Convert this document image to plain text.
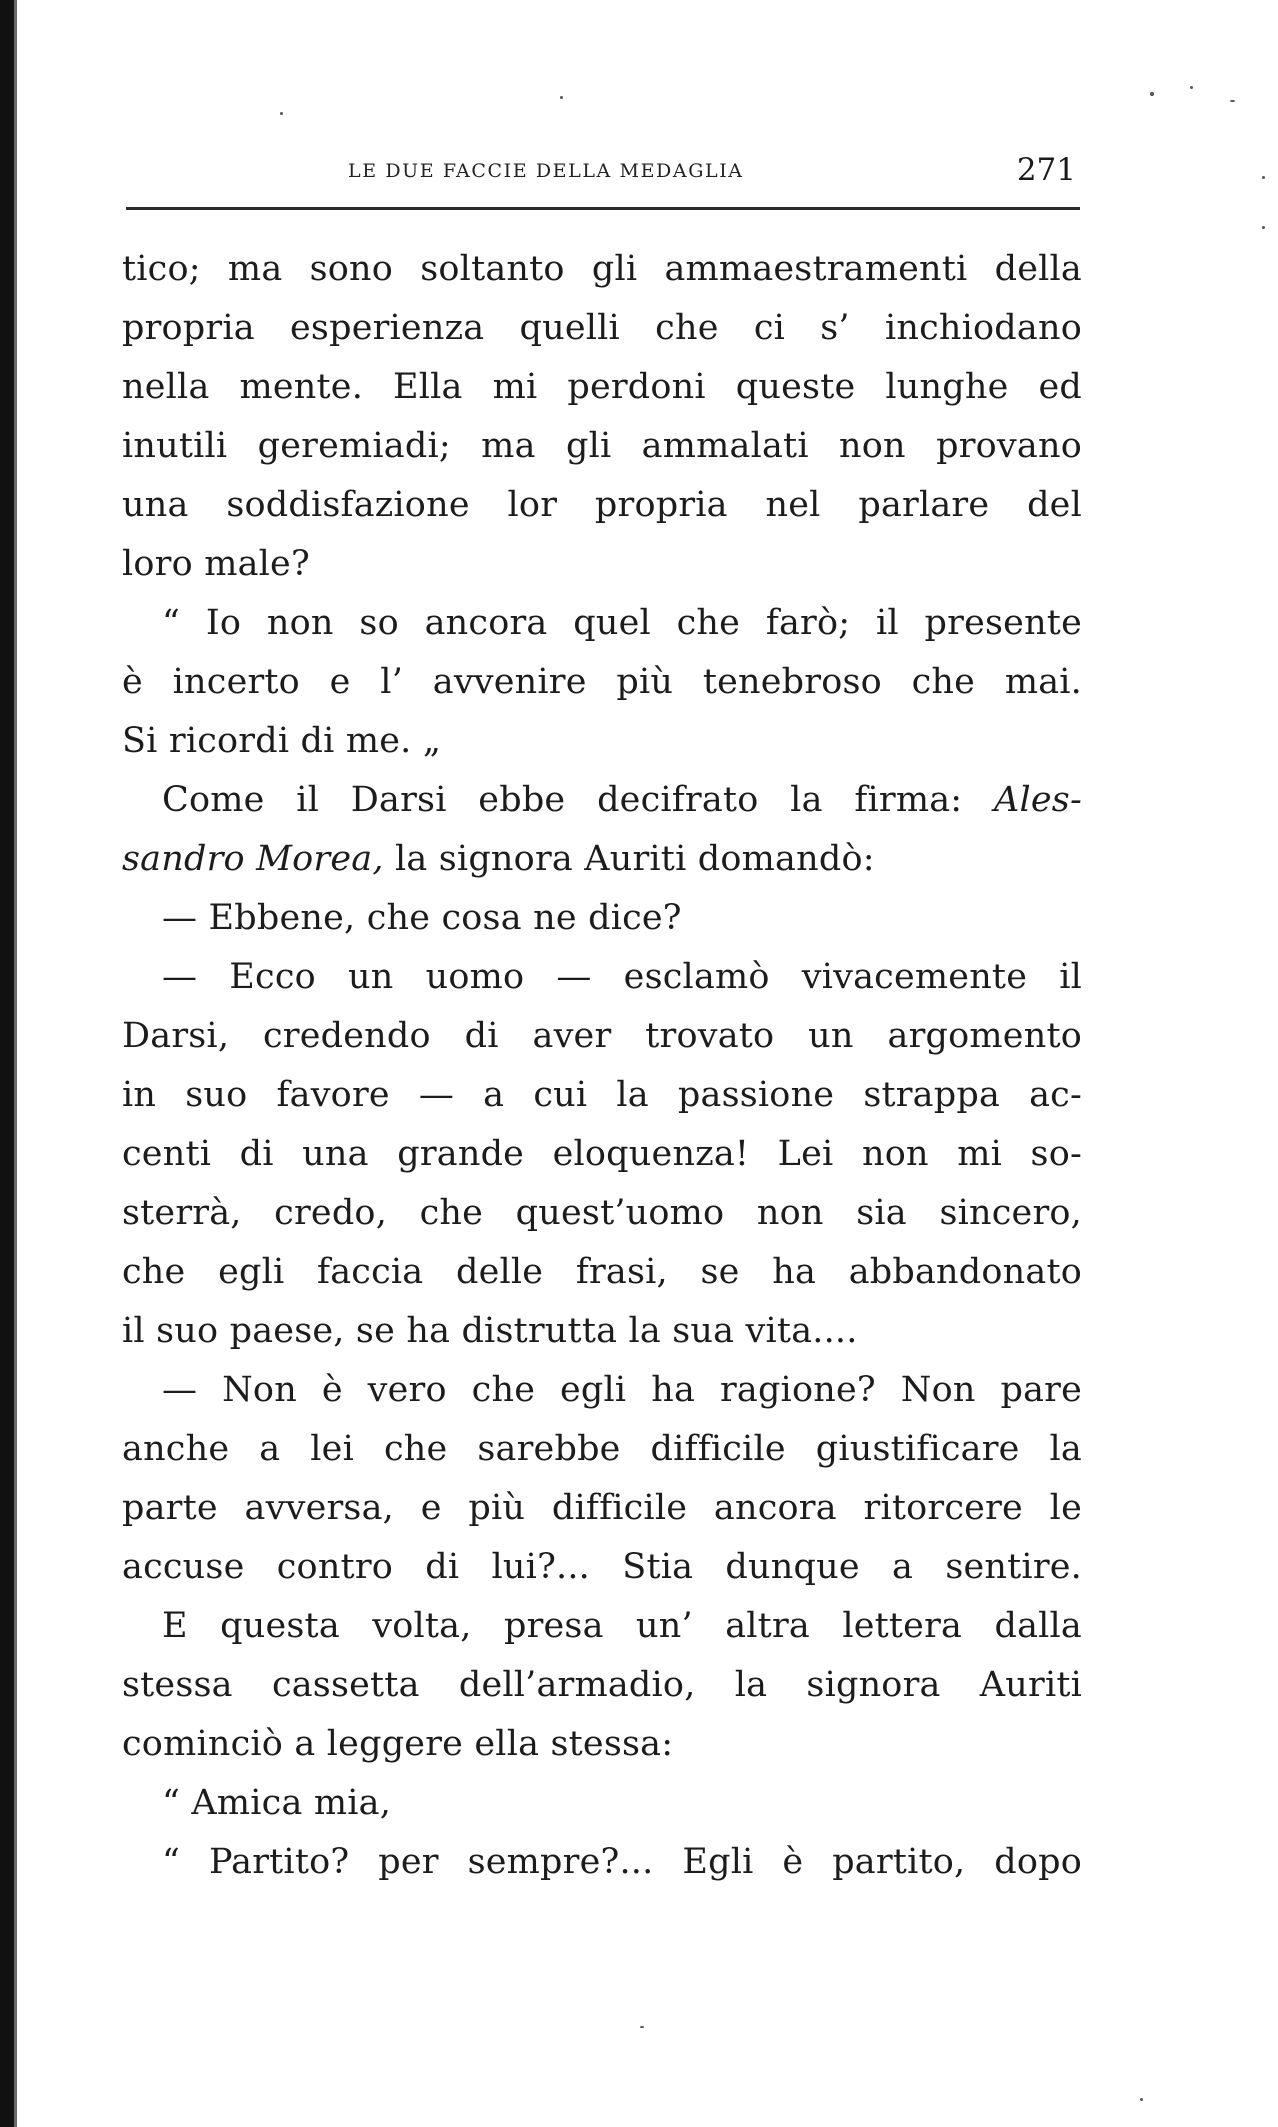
LE DUE FACCIE DELLA MEDAGLIA	271
tico; ma sono soltanto gli ammaestramenti della
propria esperienza quelli che ci s’ inchiodano
nella mente. Ella mi perdoni queste lunghe ed
inutili geremiadi; ma gli ammalati non provano
una soddisfazione lor propria nel parlare del
loro male?
“ Io non so ancora quel che farò; il presente
è incerto e l’ avvenire più tenebroso che mai.
Si ricordi di me. „
Come il Darsi ebbe decifrato la firma: Ales-
sandro Morea, la signora Auriti domandò:
— Ebbene, che cosa ne dice?
— Ecco un uomo — esclamò vivacemente il
Darsi, credendo di aver trovato un argomento
in suo favore — a cui la passione strappa ac-
centi di una grande eloquenza! Lei non mi so-
sterrà, credo, che quest’uomo non sia sincero,
che egli faccia delle frasi, se ha abbandonato
il suo paese, se ha distrutta la sua vita....
— Non è vero che egli ha ragione? Non pare
anche a lei che sarebbe difficile giustificare la
parte avversa, e più difficile ancora ritorcere le
accuse contro di lui?... Stia dunque a sentire.
E questa volta, presa un’ altra lettera dalla
stessa cassetta dell’armadio, la signora Auriti
cominciò a leggere ella stessa:
“ Amica mia,
“ Partito? per sempre?... Egli è partito, dopo
